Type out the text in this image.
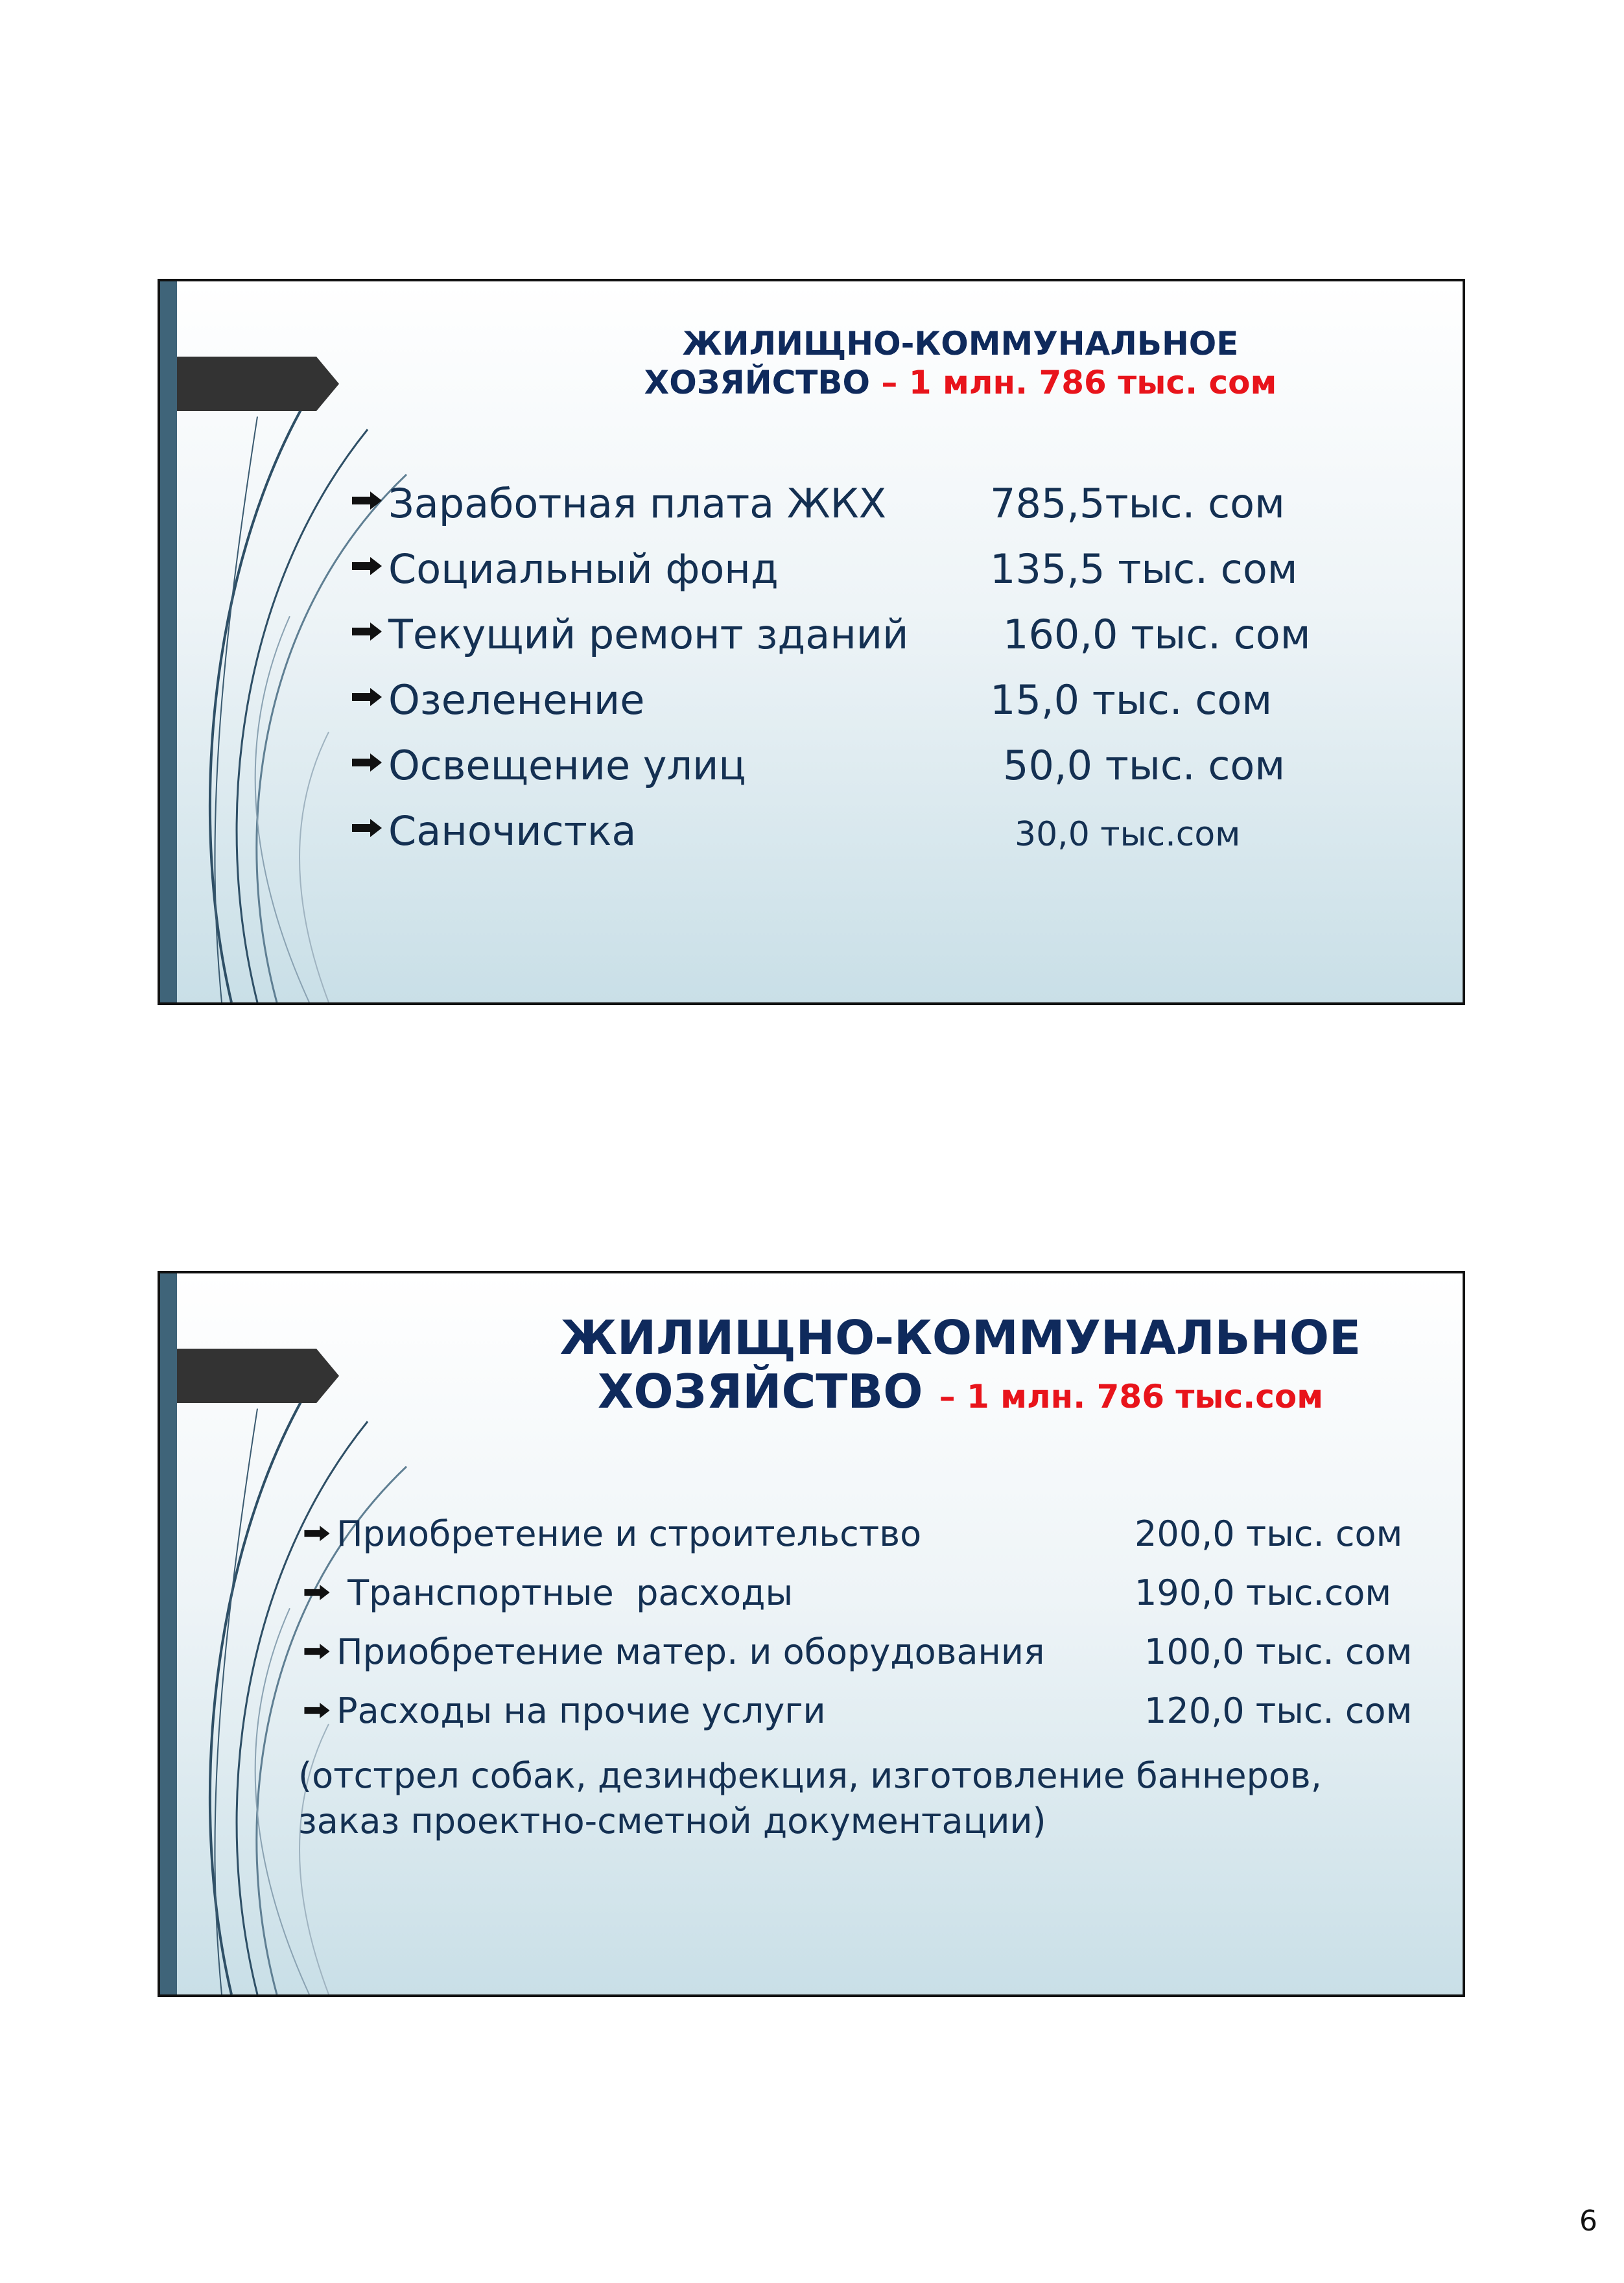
ЖИЛИЩНО-КОММУНАЛЬНОЕ
ХОЗЯЙСТВО – 1 млн. 786 тыс. сом
Заработная плата ЖКХ	785,5тыс. сом
Социальный фонд	135,5 тыс. сом
Текущий ремонт зданий 160,0 тыс. сом
Озеленение	15,0 тыс. сом
Освещение улиц	50,0 тыс. сом
Саночистка	30,0 тыс.сом
ЖИЛИЩНО-КОММУНАЛЬНОЕ
ХОЗЯЙСТВО – 1 млн. 786 тыс.сом
Приобретение и строительство	200,0 тыс. сом
Транспортные  расходы	190,0 тыс.сом
Приобретение матер. и оборудования	100,0 тыс. сом
Расходы на прочие услуги	120,0 тыс. сом
(отстрел собак, дезинфекция, изготовление баннеров, заказ проектно-сметной документации)
6
